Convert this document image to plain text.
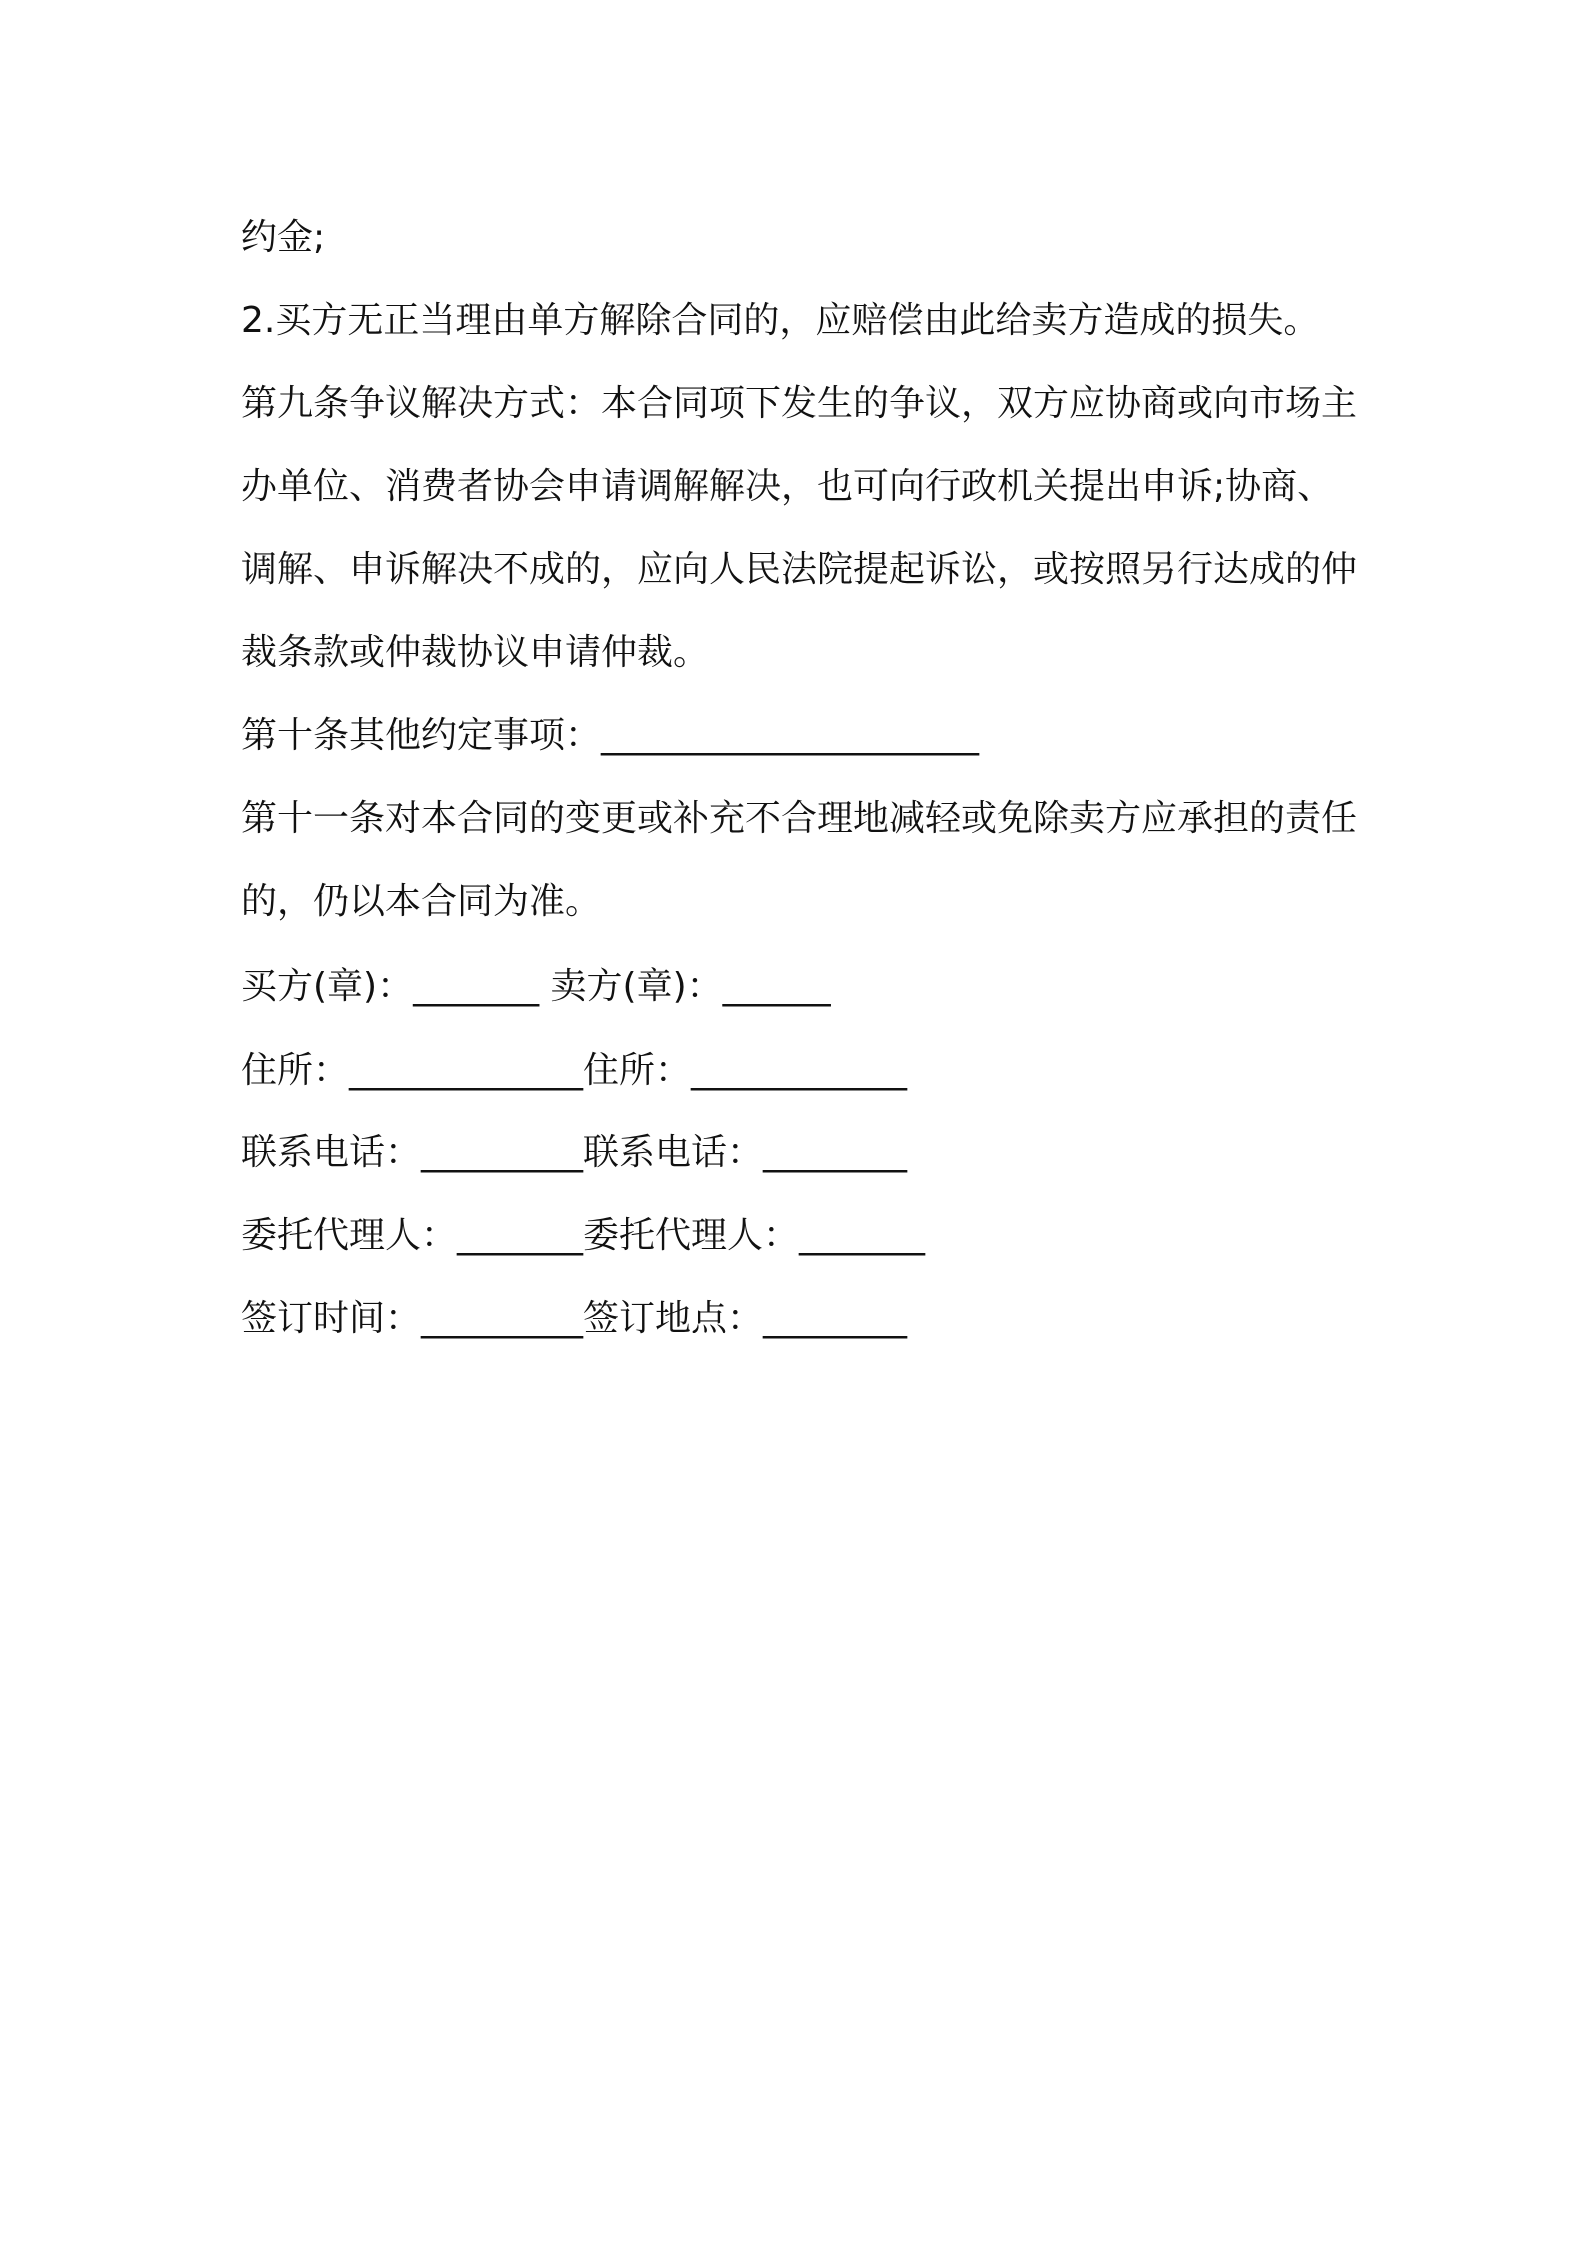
约金;

2.买方无正当理由单方解除合同的，应赔偿由此给卖方造成的损失。

第九条争议解决方式：本合同项下发生的争议，双方应协商或向市场主办单位、消费者协会申请调解解决，也可向行政机关提出申诉;协商、调解、申诉解决不成的，应向人民法院提起诉讼，或按照另行达成的仲裁条款或仲裁协议申请仲裁。

第十条其他约定事项：_____________________

第十一条对本合同的变更或补充不合理地减轻或免除卖方应承担的责任的，仍以本合同为准。

买方(章)：_______ 卖方(章)：______
住所：_____________住所：____________
联系电话：_________联系电话：________
委托代理人：_______委托代理人：_______
签订时间：_________签订地点：________
